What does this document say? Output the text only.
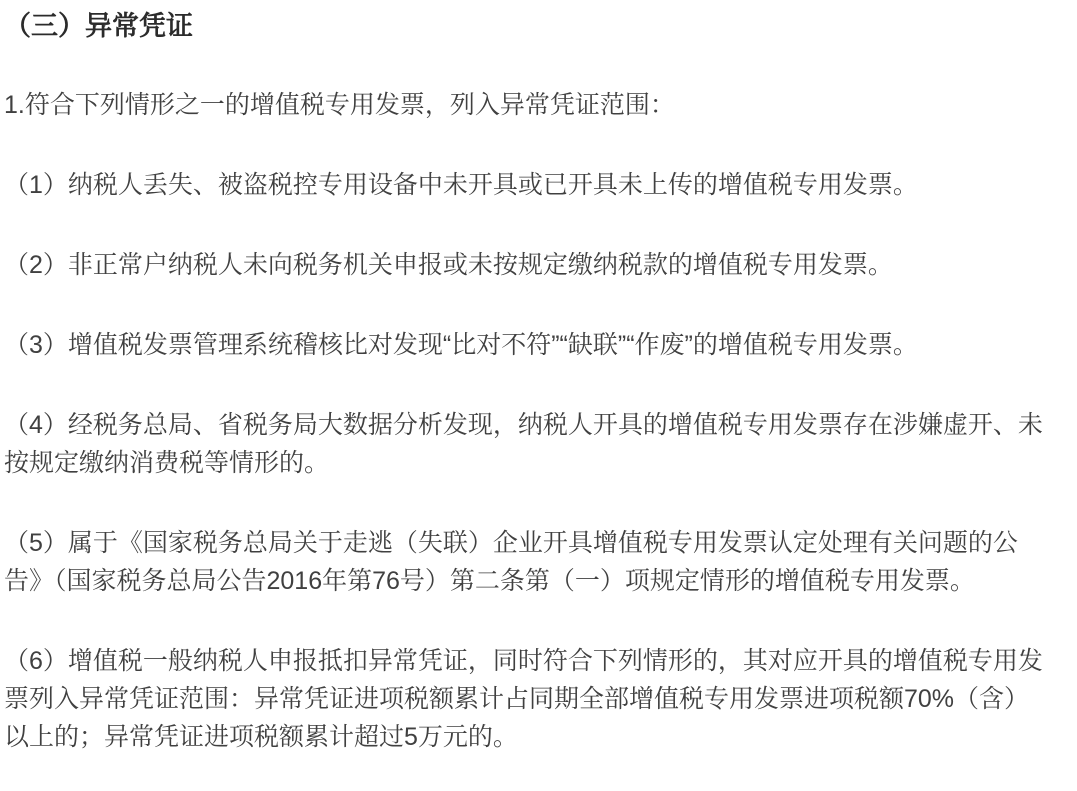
（三）异常凭证

1.符合下列情形之一的增值税专用发票，列入异常凭证范围：

（1）纳税人丢失、被盗税控专用设备中未开具或已开具未上传的增值税专用发票。

（2）非正常户纳税人未向税务机关申报或未按规定缴纳税款的增值税专用发票。

（3）增值税发票管理系统稽核比对发现“比对不符”“缺联”“作废”的增值税专用发票。

（4）经税务总局、省税务局大数据分析发现，纳税人开具的增值税专用发票存在涉嫌虚开、未按规定缴纳消费税等情形的。

（5）属于《国家税务总局关于走逃（失联）企业开具增值税专用发票认定处理有关问题的公告》（国家税务总局公告2016年第76号）第二条第（一）项规定情形的增值税专用发票。

（6）增值税一般纳税人申报抵扣异常凭证，同时符合下列情形的，其对应开具的增值税专用发票列入异常凭证范围：异常凭证进项税额累计占同期全部增值税专用发票进项税额70%（含）以上的；异常凭证进项税额累计超过5万元的。
